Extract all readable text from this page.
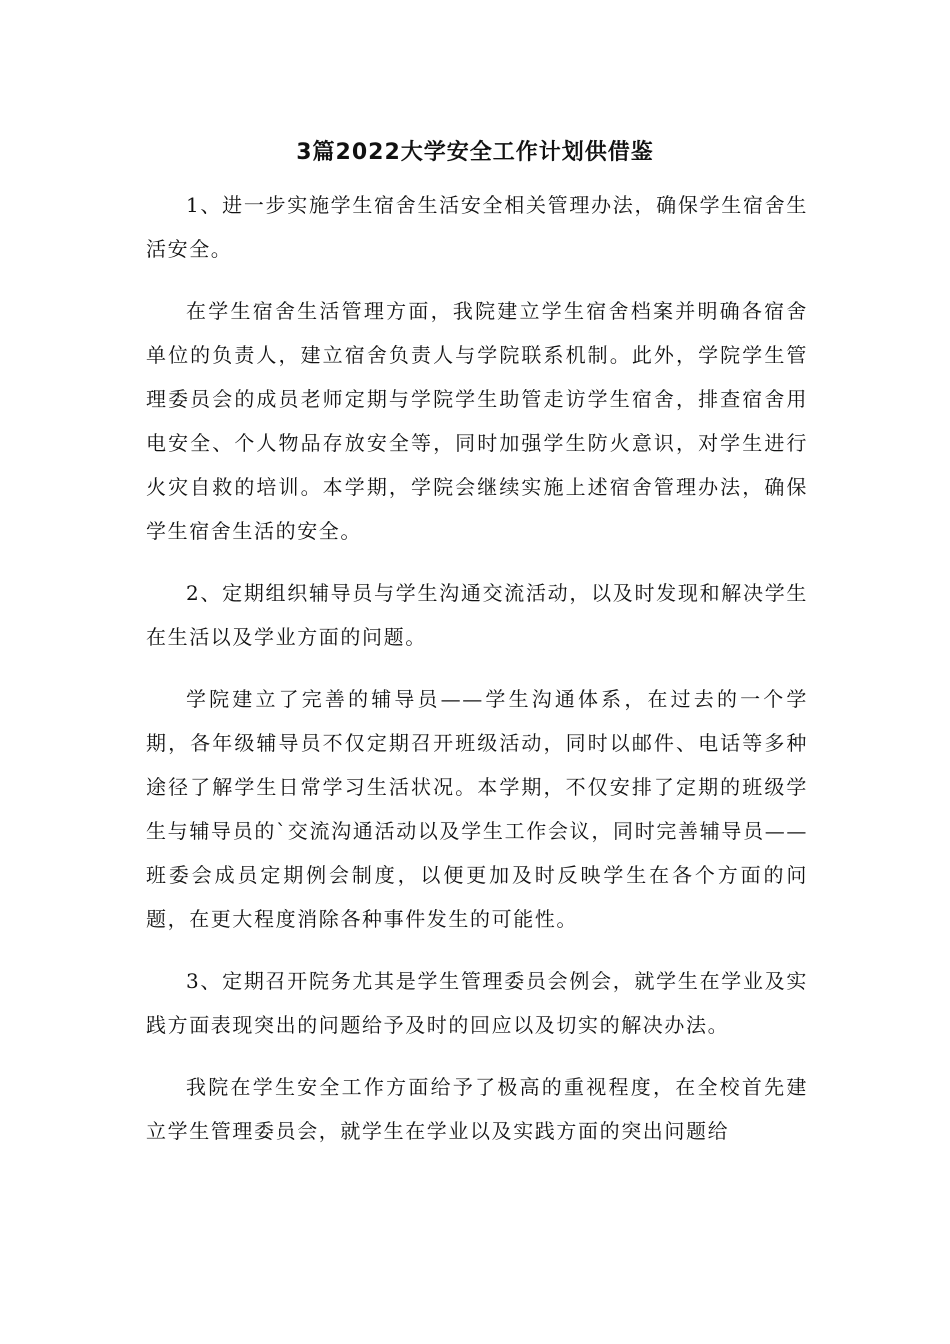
3篇2022大学安全工作计划供借鉴

1、进一步实施学生宿舍生活安全相关管理办法，确保学生宿舍生活安全。

在学生宿舍生活管理方面，我院建立学生宿舍档案并明确各宿舍单位的负责人，建立宿舍负责人与学院联系机制。此外，学院学生管理委员会的成员老师定期与学院学生助管走访学生宿舍，排查宿舍用电安全、个人物品存放安全等，同时加强学生防火意识，对学生进行火灾自救的培训。本学期，学院会继续实施上述宿舍管理办法，确保学生宿舍生活的安全。

2、定期组织辅导员与学生沟通交流活动，以及时发现和解决学生在生活以及学业方面的问题。

学院建立了完善的辅导员——学生沟通体系，在过去的一个学期，各年级辅导员不仅定期召开班级活动，同时以邮件、电话等多种途径了解学生日常学习生活状况。本学期，不仅安排了定期的班级学生与辅导员的`交流沟通活动以及学生工作会议，同时完善辅导员——班委会成员定期例会制度，以便更加及时反映学生在各个方面的问题，在更大程度消除各种事件发生的可能性。

3、定期召开院务尤其是学生管理委员会例会，就学生在学业及实践方面表现突出的问题给予及时的回应以及切实的解决办法。

我院在学生安全工作方面给予了极高的重视程度，在全校首先建立学生管理委员会，就学生在学业以及实践方面的突出问题给
